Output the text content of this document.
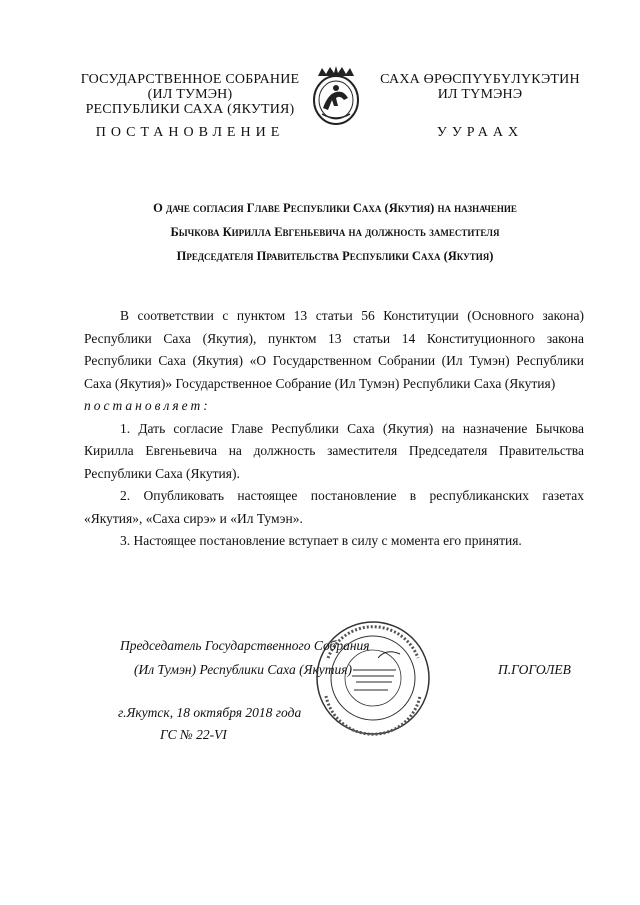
ГОСУДАРСТВЕННОЕ СОБРАНИЕ
(ИЛ ТУМЭН)
РЕСПУБЛИКИ САХА (ЯКУТИЯ)
САХА ӨРӨСПҮҮБҮЛҮКЭТИН
ИЛ ТҮМЭНЭ
ПОСТАНОВЛЕНИЕ	УУРААХ
О даче согласия Главе Республики Саха (Якутия) на назначение
Бычкова Кирилла Евгеньевича на должность заместителя
Председателя Правительства Республики Саха (Якутия)

В соответствии с пунктом 13 статьи 56 Конституции (Основного закона) Республики Саха (Якутия), пунктом 13 статьи 14 Конституционного закона Республики Саха (Якутия) «О Государственном Собрании (Ил Тумэн) Республики Саха (Якутия)» Государственное Собрание (Ил Тумэн) Республики Саха (Якутия)

постановляет:

1. Дать согласие Главе Республики Саха (Якутия) на назначение Бычкова Кирилла Евгеньевича на должность заместителя Председателя Правительства Республики Саха (Якутия).

2. Опубликовать настоящее постановление в республиканских газетах «Якутия», «Саха сирэ» и «Ил Тумэн».

3. Настоящее постановление вступает в силу с момента его принятия.

Председатель Государственного Собрания
(Ил Тумэн) Республики Саха (Якутия)	П.ГОГОЛЕВ
г.Якутск, 18 октября 2018 года
ГС № 22-VI
